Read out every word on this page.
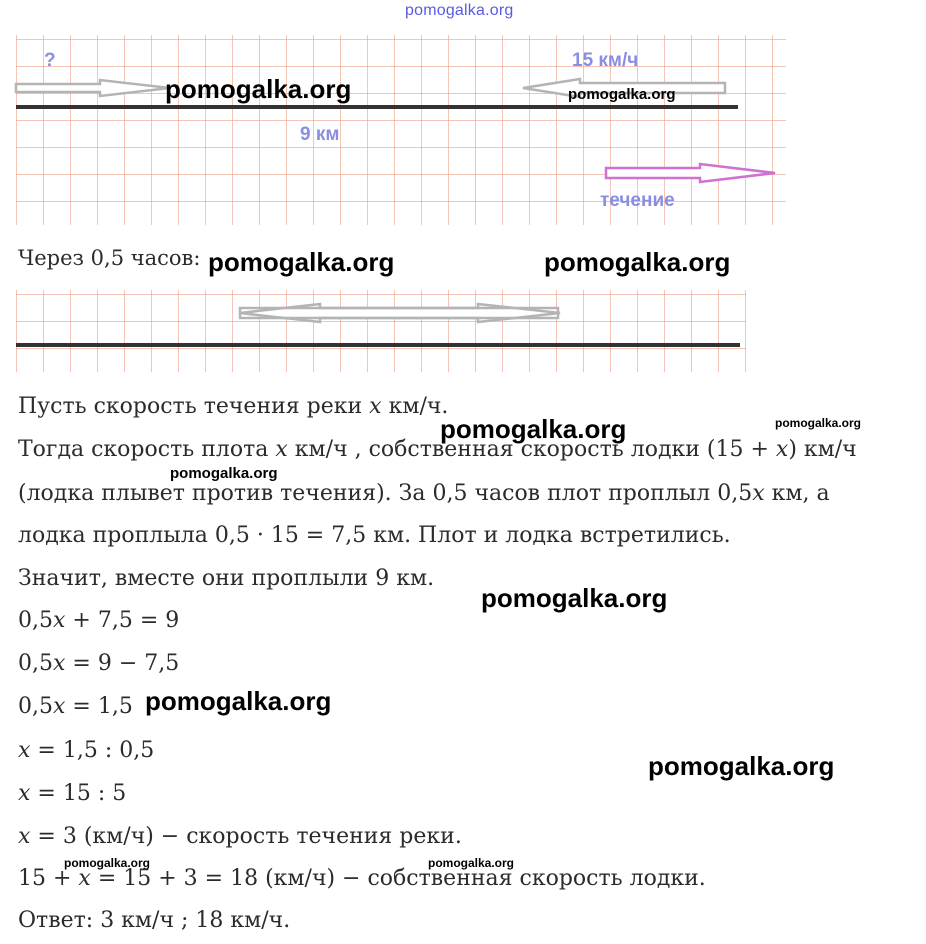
pomogalka.org
?	15 км/ч
9 км
течение
pomogalka.org	pomogalka.org
Через 0,5 часов: pomogalka.org	pomogalka.org
Пусть скорость течения реки x км/ч.
pomogalka.org	pomogalka.org
Тогда скорость плота x км/ч , собственная скорость лодки (15 + x) км/ч
pomogalka.org
(лодка плывет против течения). За 0,5 часов плот проплыл 0,5x км, а
лодка проплыла 0,5 · 15 = 7,5 км. Плот и лодка встретились.
Значит, вместе они проплыли 9 км.
pomogalka.org
0,5x + 7,5 = 9
0,5x = 9 − 7,5
0,5x = 1,5 pomogalka.org
x = 1,5 : 0,5
pomogalka.org
x = 15 : 5
x = 3 (км/ч) − скорость течения реки.
pomogalka.org	pomogalka.org
15 + x = 15 + 3 = 18 (км/ч) − собственная скорость лодки.
Ответ: 3 км/ч ; 18 км/ч.
